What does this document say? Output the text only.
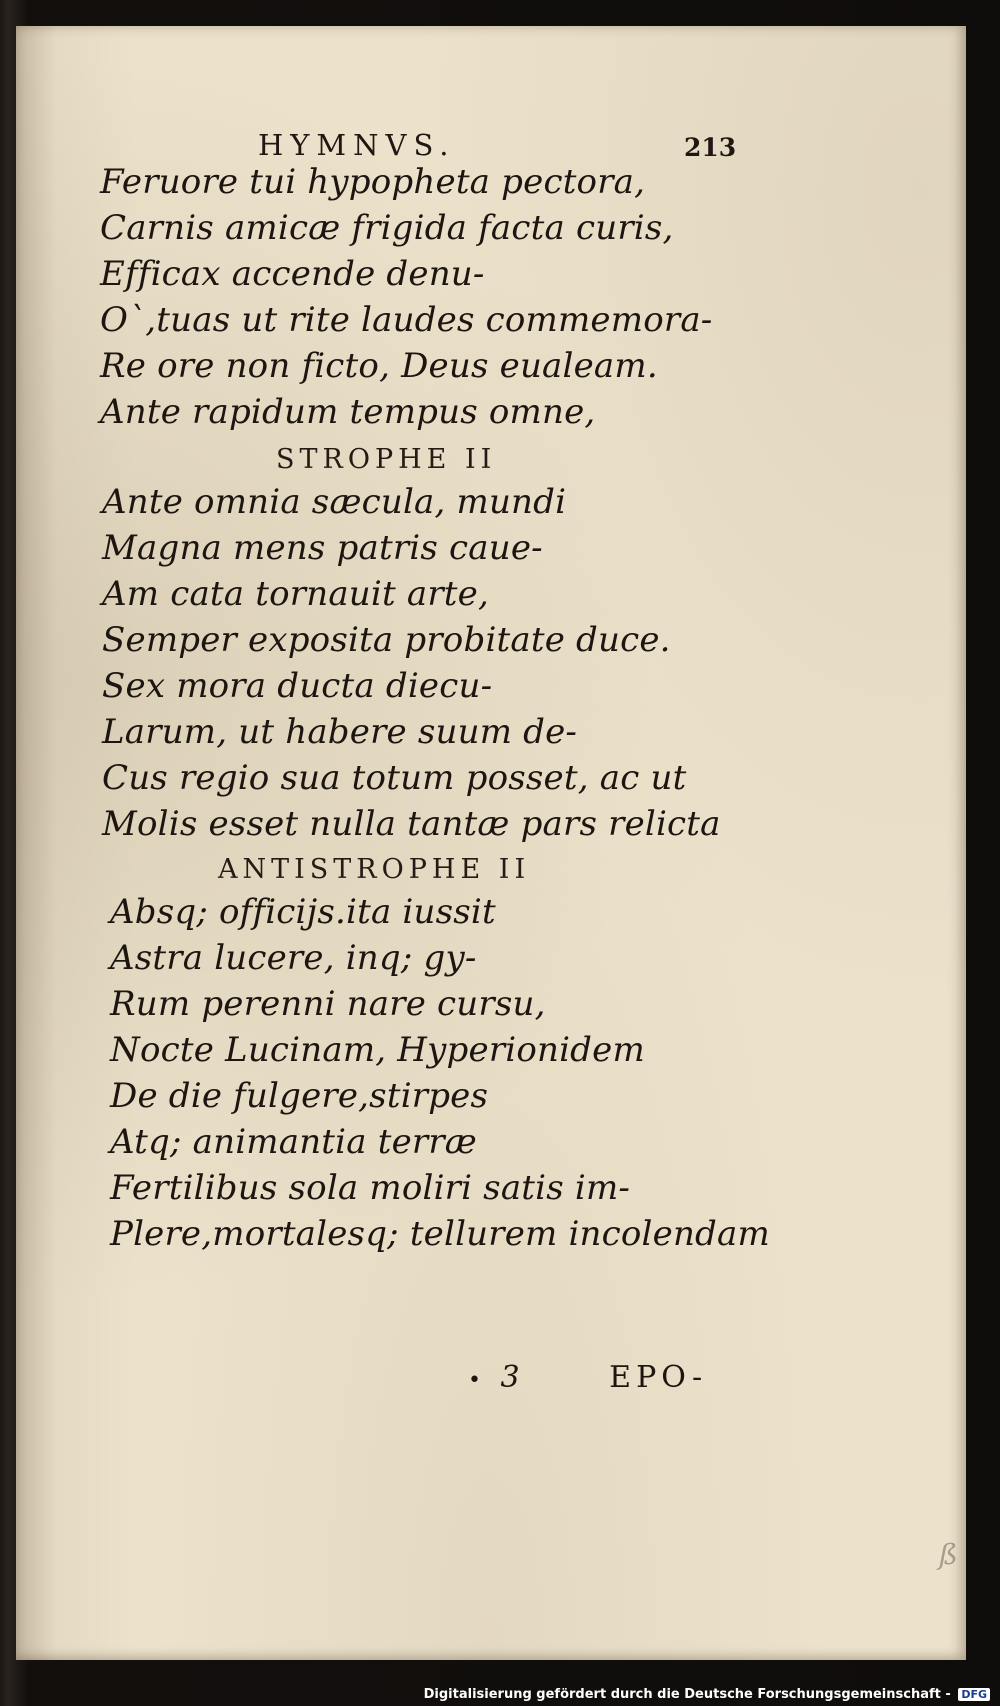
HYMNVS.	213
Feruore tui hypopheta pectora,
Carnis amicæ frigida facta curis,
Efficax accende denu-
O`,tuas ut rite laudes commemora-
Re ore non ficto, Deus eualeam.
Ante rapidum tempus omne,
STROPHE II
Ante omnia sæcula, mundi
Magna mens patris caue-
Am cata tornauit arte,
Semper exposita probitate duce.
Sex mora ducta diecu-
Larum, ut habere suum de-
Cus regio sua totum posset, ac ut
Molis esset nulla tantæ pars relicta
ANTISTROPHE II
Absq; officijs.ita iussit
Astra lucere, inq; gy-
Rum perenni nare cursu,
Nocte Lucinam, Hyperionidem
De die fulgere,stirpes
Atq; animantia terræ
Fertilibus sola moliri satis im-
Plere,mortalesq; tellurem incolendam
• 3	EPO-
ß
Digitalisierung gefördert durch die Deutsche Forschungsgemeinschaft - DFG
